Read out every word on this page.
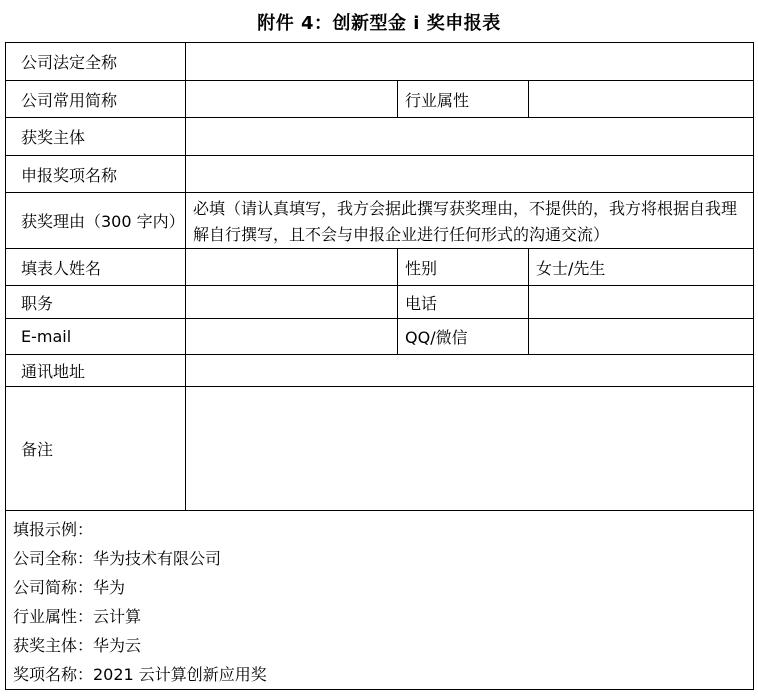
附件 4：创新型金 i 奖申报表
公司法定全称			
公司常用简称		行业属性	
获奖主体			
申报奖项名称			
获奖理由（300 字内）	必填（请认真填写，我方会据此撰写获奖理由，不提供的，我方将根据自我理解自行撰写，且不会与申报企业进行任何形式的沟通交流）		
填表人姓名		性别	女士/先生
职务		电话	
E-mail		QQ/微信	
通讯地址			
备注			

填报示例：
公司全称：华为技术有限公司
公司简称：华为
行业属性：云计算
获奖主体：华为云
奖项名称：2021 云计算创新应用奖
